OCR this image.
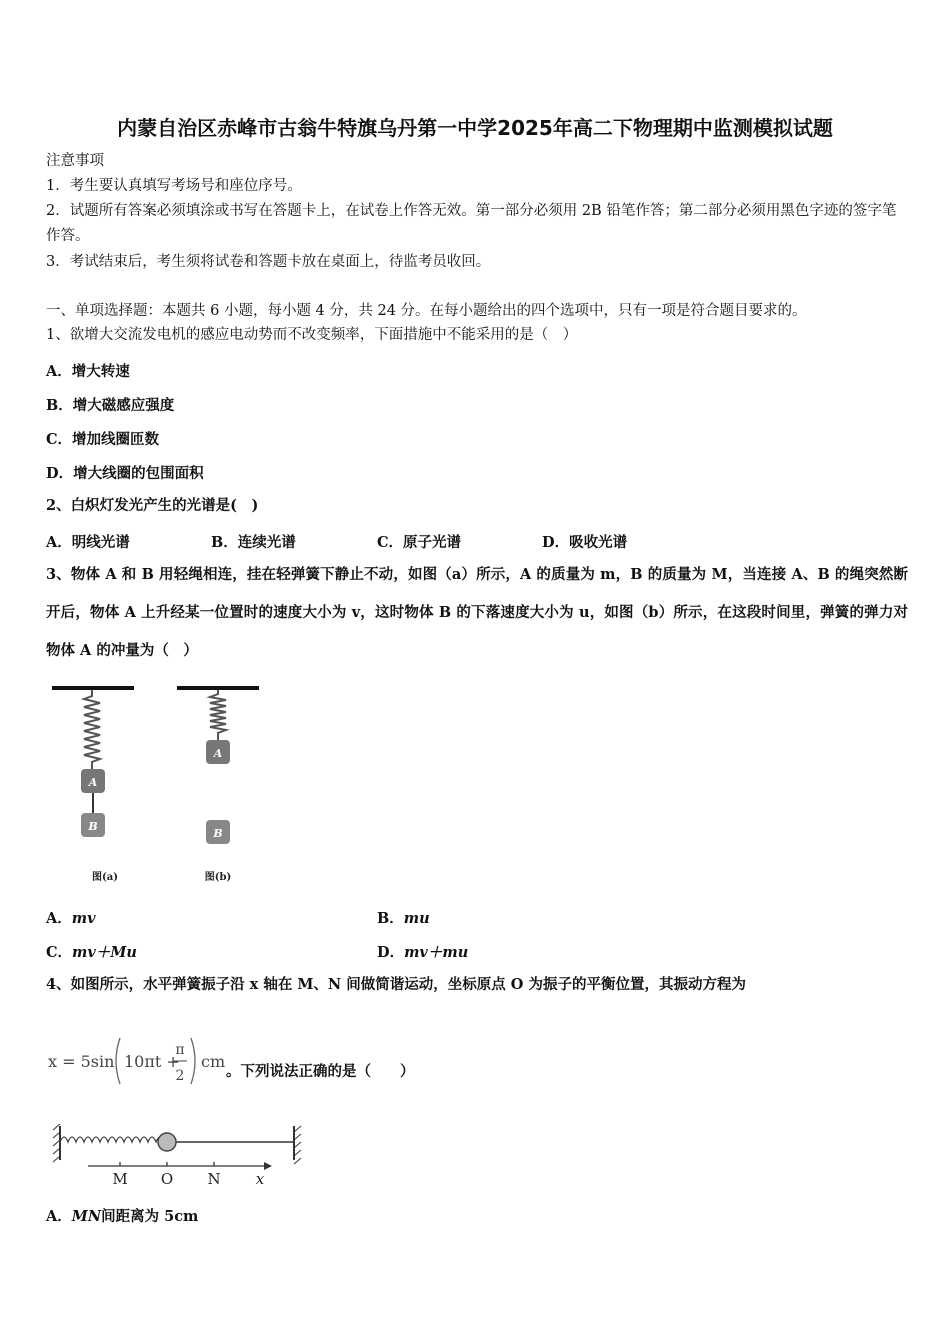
内蒙自治区赤峰市古翁牛特旗乌丹第一中学2025年高二下物理期中监测模拟试题
注意事项
1．考生要认真填写考场号和座位序号。
2．试题所有答案必须填涂或书写在答题卡上，在试卷上作答无效。第一部分必须用 2B 铅笔作答；第二部分必须用黑色字迹的签字笔作答。
3．考试结束后，考生须将试卷和答题卡放在桌面上，待监考员收回。
一、单项选择题：本题共 6 小题，每小题 4 分，共 24 分。在每小题给出的四个选项中，只有一项是符合题目要求的。
1、欲增大交流发电机的感应电动势而不改变频率，下面措施中不能采用的是（　）
A．增大转速
B．增大磁感应强度
C．增加线圈匝数
D．增大线圈的包围面积
2、白炽灯发光产生的光谱是(　)
A．明线光谱	B．连续光谱	C．原子光谱	D．吸收光谱
3、物体 A 和 B 用轻绳相连，挂在轻弹簧下静止不动，如图（a）所示，A 的质量为 m，B 的质量为 M，当连接 A、B 的绳突然断开后，物体 A 上升经某一位置时的速度大小为 v，这时物体 B 的下落速度大小为 u，如图（b）所示，在这段时间里，弹簧的弹力对物体 A 的冲量为（　）
A
B
图(a)
A
B
图(b)
A．mv	B．mu
C．mv＋Mu	D．mv＋mu
4、如图所示，水平弹簧振子沿 x 轴在 M、N 间做简谐运动，坐标原点 O 为振子的平衡位置，其振动方程为
x = 5sin 10πt +
π
2
cm
。下列说法正确的是（　　）
M O N x
A．MN间距离为 5cm
